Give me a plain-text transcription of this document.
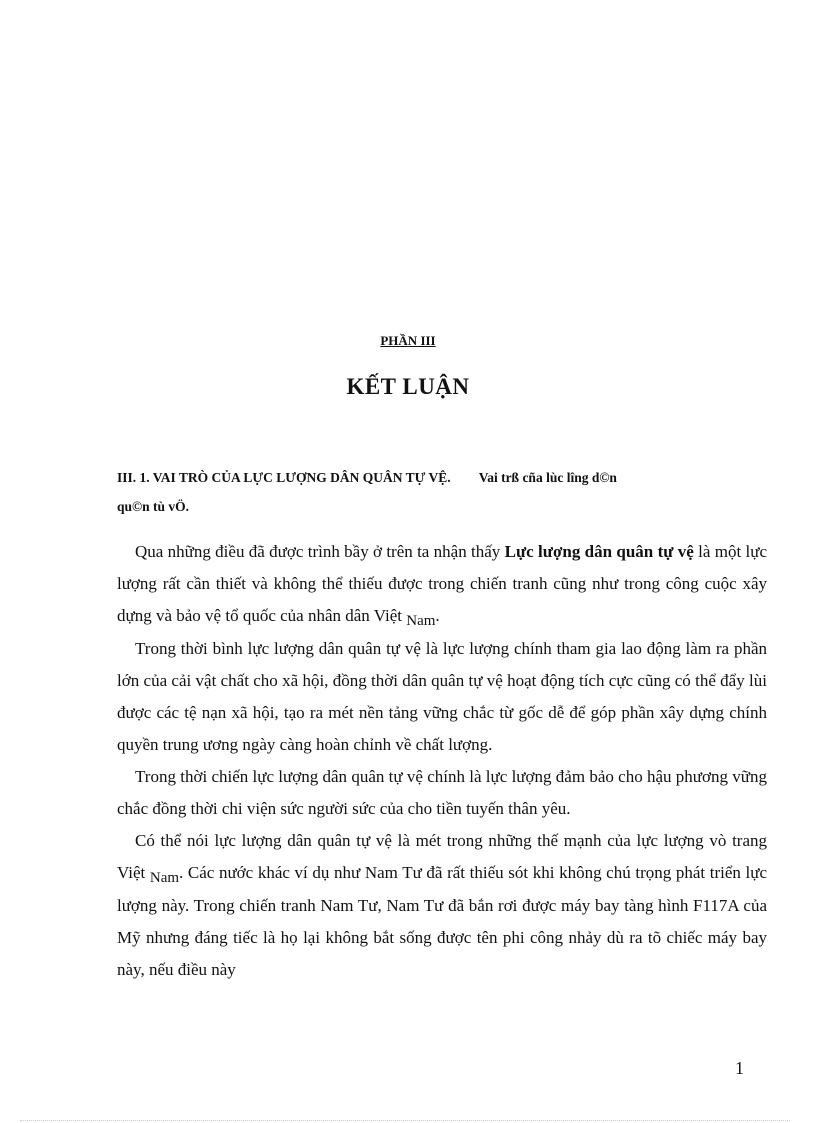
PHẦN III
KẾT LUẬN
III. 1. VAI TRÒ CỦA LỰC LƯỢNG DÂN QUÂN TỰ VỆ. Vai trß cña lùc lîng d©n
qu©n tù vÖ.

Qua những điều đã được trình bầy ở trên ta nhận thấy Lực lượng dân quân tự vệ là một lực lượng rất cần thiết và không thể thiếu được trong chiến tranh cũng như trong công cuộc xây dựng và bảo vệ tổ quốc của nhân dân Việt Nam.

Trong thời bình lực lượng dân quân tự vệ là lực lượng chính tham gia lao động làm ra phần lớn của cải vật chất cho xã hội, đồng thời dân quân tự vệ hoạt động tích cực cũng có thể đẩy lùi được các tệ nạn xã hội, tạo ra mét nền tảng vững chắc từ gốc dễ để góp phần xây dựng chính quyền trung ương ngày càng hoàn chỉnh về chất lượng.

Trong thời chiến lực lượng dân quân tự vệ chính là lực lượng đảm bảo cho hậu phương vững chắc đồng thời chi viện sức người sức của cho tiền tuyến thân yêu.

Có thể nói lực lượng dân quân tự vệ là mét trong những thế mạnh của lực lượng vò trang Việt Nam. Các nước khác ví dụ như Nam Tư đã rất thiếu sót khi không chú trọng phát triển lực lượng này. Trong chiến tranh Nam Tư, Nam Tư đã bắn rơi được máy bay tàng hình F117A của Mỹ nhưng đáng tiếc là họ lại không bắt sống được tên phi công nhảy dù ra tõ chiếc máy bay này, nếu điều này

1
